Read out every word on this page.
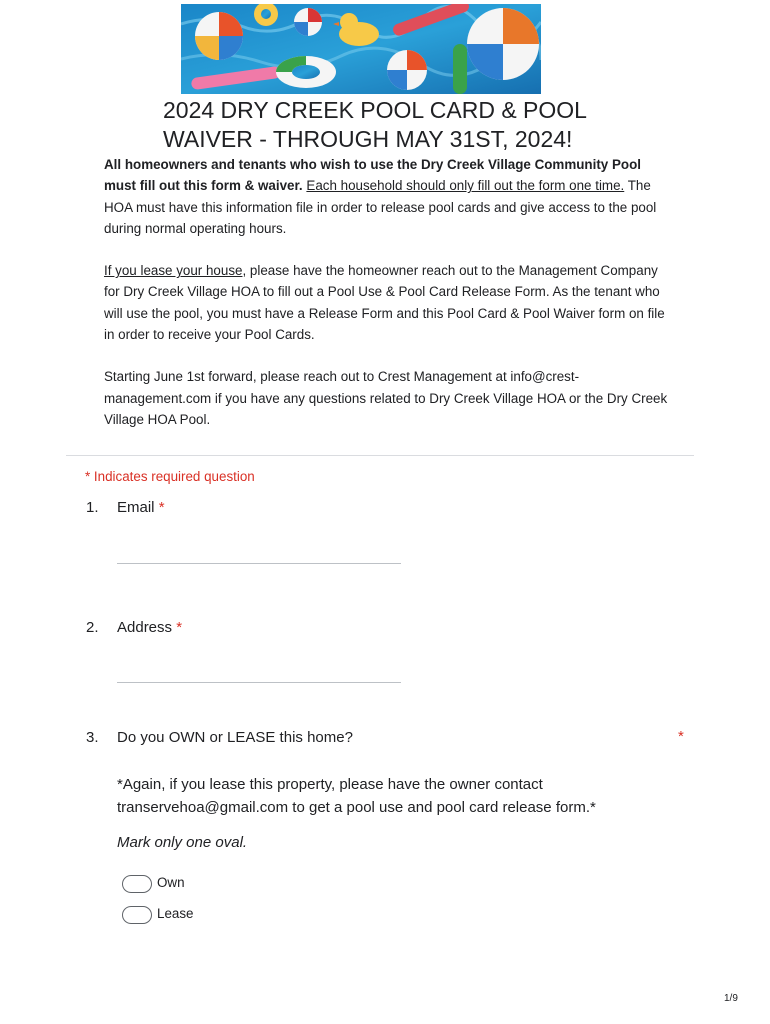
2024 DRY CREEK POOL CARD & POOL
WAIVER - THROUGH MAY 31ST, 2024!

All homeowners and tenants who wish to use the Dry Creek Village Community Pool must fill out this form & waiver. Each household should only fill out the form one time. The HOA must have this information file in order to release pool cards and give access to the pool during normal operating hours.

If you lease your house, please have the homeowner reach out to the Management Company for Dry Creek Village HOA to fill out a Pool Use & Pool Card Release Form. As the tenant who will use the pool, you must have a Release Form and this Pool Card & Pool Waiver form on file in order to receive your Pool Cards.

Starting June 1st forward, please reach out to Crest Management at info@crest-management.com if you have any questions related to Dry Creek Village HOA or the Dry Creek Village HOA Pool.

* Indicates required question
1. Email *
2. Address *
3. Do you OWN or LEASE this home?	*
*Again, if you lease this property, please have the owner contact transervehoa@gmail.com to get a pool use and pool card release form.*
Mark only one oval.
Own
Lease
1/9
